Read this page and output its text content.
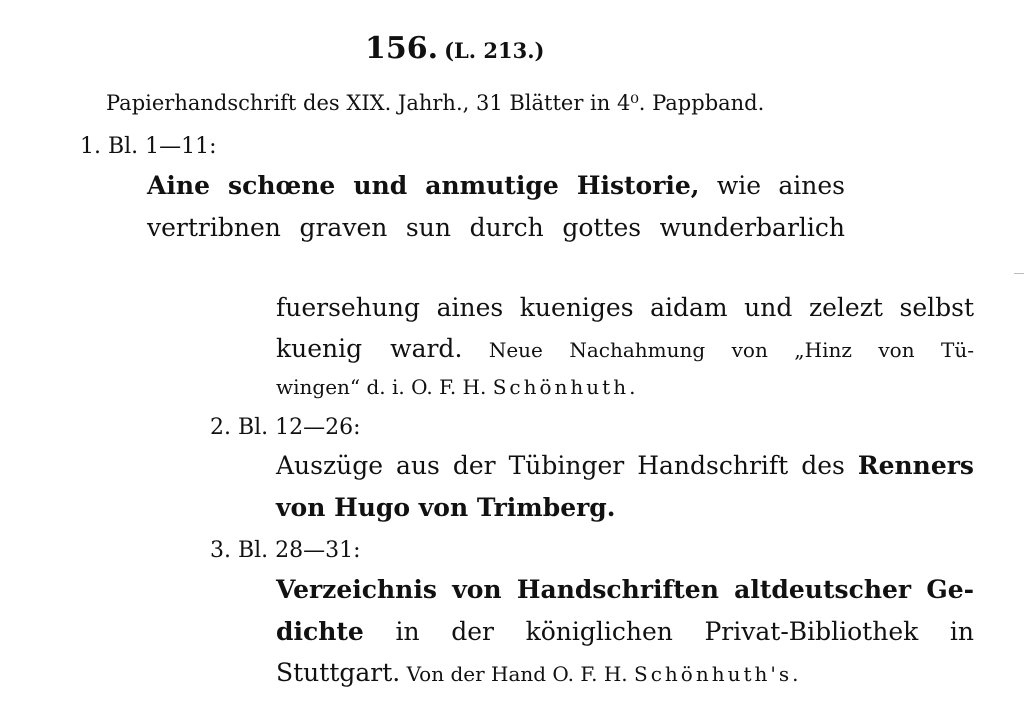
156. (L. 213.)
Papierhandschrift des XIX. Jahrh., 31 Blätter in 4⁰. Pappband.
1. Bl. 1—11:
Aine schœne und anmutige Historie, wie aines
vertribnen graven sun durch gottes wunderbarlich
fuersehung aines kueniges aidam und zelezt selbst
kuenig ward. Neue Nachahmung von „Hinz von Tü-
wingen“ d. i. O. F. H. Schönhuth.
2. Bl. 12—26:
Auszüge aus der Tübinger Handschrift des Renners
von Hugo von Trimberg.
3. Bl. 28—31:
Verzeichnis von Handschriften altdeutscher Ge-
dichte in der königlichen Privat-Bibliothek in
Stuttgart. Von der Hand O. F. H. Schönhuth's.
